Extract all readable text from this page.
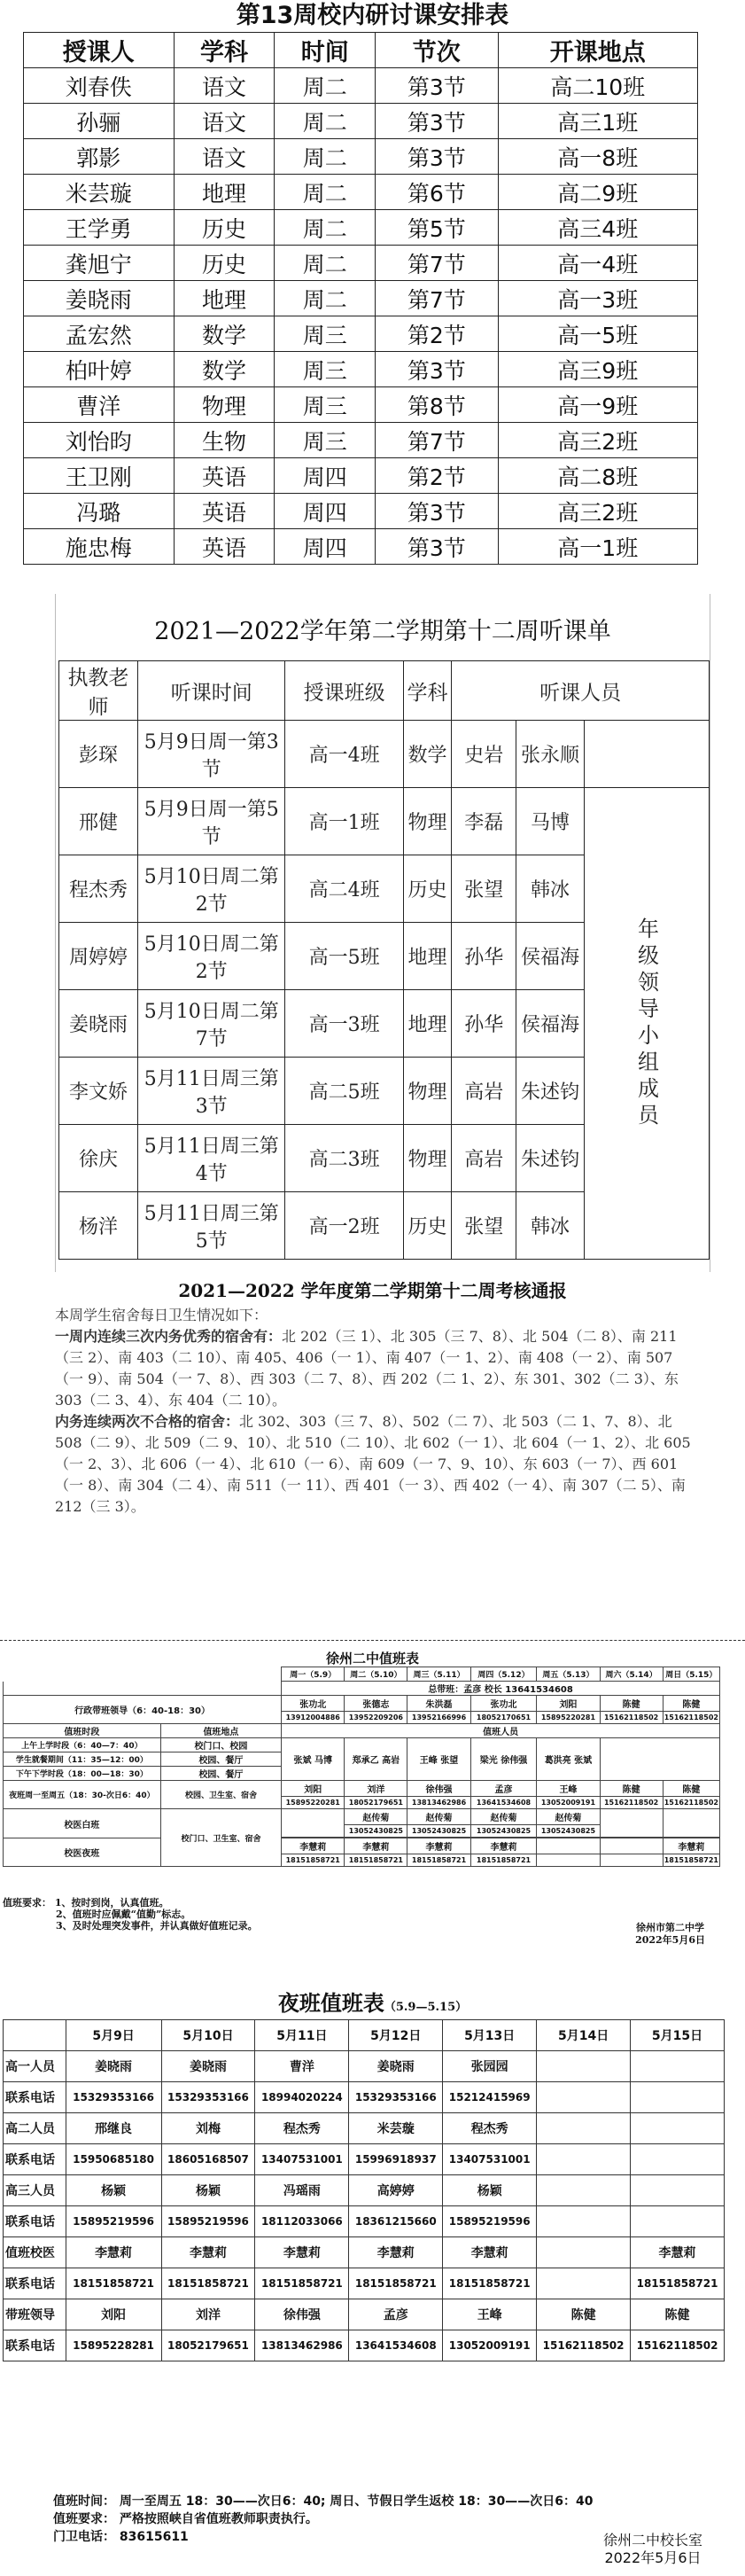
第13周校内研讨课安排表
授课人	学科	时间	节次	开课地点
刘春佚	语文	周二	第3节	高二10班
孙骊	语文	周二	第3节	高三1班
郭影	语文	周二	第3节	高一8班
米芸璇	地理	周二	第6节	高二9班
王学勇	历史	周二	第5节	高三4班
龚旭宁	历史	周二	第7节	高一4班
姜晓雨	地理	周二	第7节	高一3班
孟宏然	数学	周三	第2节	高一5班
柏叶婷	数学	周三	第3节	高三9班
曹洋	物理	周三	第8节	高一9班
刘怡昀	生物	周三	第7节	高三2班
王卫刚	英语	周四	第2节	高二8班
冯璐	英语	周四	第3节	高三2班
施忠梅	英语	周四	第3节	高一1班
2021—2022学年第二学期第十二周听课单
执教老师	听课时间	授课班级	学科	听课人员		
彭琛	5月9日周一第3节	高一4班	数学	史岩	张永顺	
邢健	5月9日周一第5节	高一1班	物理	李磊	马博	年级领导小组成员

程杰秀	5月10日周二第2节	高二4班	历史	张望	韩冰	
周婷婷	5月10日周二第2节	高一5班	地理	孙华	侯福海	
姜晓雨	5月10日周二第7节	高一3班	地理	孙华	侯福海	
李文娇	5月11日周三第3节	高二5班	物理	高岩	朱述钧	
徐庆	5月11日周三第4节	高二3班	物理	高岩	朱述钧	
杨洋	5月11日周三第5节	高一2班	历史	张望	韩冰	
2021—2022 学年度第二学期第十二周考核通报

本周学生宿舍每日卫生情况如下：

一周内连续三次内务优秀的宿舍有：北 202（三 1）、北 305（三 7、8）、北 504（二 8）、南 211（三 2）、南 403（二 10）、南 405、406（一 1）、南 407（一 1、2）、南 408（一 2）、南 507（一 9）、南 504（一 7、8）、西 303（二 7、8）、西 202（二 1、2）、东 301、302（二 3）、东 303（二 3、4）、东 404（二 10）。

内务连续两次不合格的宿舍：北 302、303（三 7、8）、502（二 7）、北 503（二 1、7、8）、北 508（二 9）、北 509（二 9、10）、北 510（二 10）、北 602（一 1）、北 604（一 1、2）、北 605（一 2、3）、北 606（一 4）、北 610（一 6）、南 609（一 7、9、10）、东 603（一 7）、西 601（一 8）、南 304（二 4）、南 511（一 11）、西 401（一 3）、西 402（一 4）、南 307（二 5）、南 212（三 3）。

徐州二中值班表
		周一（5.9）	周二（5.10）	周三（5.11）	周四（5.12）	周五（5.13）	周六（5.14）	周日（5.15）
		总带班：孟彦 校长 13641534608						
行政带班领导（6：40-18：30）		张功北	张德志	朱洪磊	张功北	刘阳	陈健	陈健
		13912004886	13952209206	13952166996	18052170651	15895220281	15162118502	15162118502
值班时段	值班地点	值班人员						
上午上学时段（6：40—7：40）	校门口、校园	张斌 马博	郑承乙 高岩	王峰 张望	梁光 徐伟强	葛洪亮 张斌		
学生就餐期间（11：35—12：00）	校园、餐厅							
下午下学时段（18：00—18：30）	校园、餐厅							
夜班周一至周五（18：30-次日6：40）	校园、卫生室、宿舍	刘阳	刘洋	徐伟强	孟彦	王峰	陈健	陈健
		15895220281	18052179651	13813462986	13641534608	13052009191	15162118502	15162118502
校医白班	校门口、卫生室、宿舍		赵传菊	赵传菊	赵传菊	赵传菊		
			13052430825	13052430825	13052430825	13052430825		

校医夜班		李慧莉	李慧莉	李慧莉	李慧莉			李慧莉
		18151858721	18151858721	18151858721	18151858721			18151858721
值班要求： 1、按时到岗，认真值班。
2、值班时应佩戴“值勤”标志。
3、及时处理突发事件，并认真做好值班记录。	徐州市第二中学
2022年5月6日
夜班值班表（5.9—5.15）
	5月9日	5月10日	5月11日	5月12日	5月13日	5月14日	5月15日
高一人员	姜晓雨	姜晓雨	曹洋	姜晓雨	张园园		
联系电话	15329353166	15329353166	18994020224	15329353166	15212415969		
高二人员	邢继良	刘梅	程杰秀	米芸璇	程杰秀		
联系电话	15950685180	18605168507	13407531001	15996918937	13407531001		
高三人员	杨颖	杨颖	冯瑶雨	高婷婷	杨颖		
联系电话	15895219596	15895219596	18112033066	18361215660	15895219596		
值班校医	李慧莉	李慧莉	李慧莉	李慧莉	李慧莉		李慧莉
联系电话	18151858721	18151858721	18151858721	18151858721	18151858721		18151858721
带班领导	刘阳	刘洋	徐伟强	孟彦	王峰	陈健	陈健
联系电话	15895228281	18052179651	13813462986	13641534608	13052009191	15162118502	15162118502
值班时间： 周一至周五 18：30——次日6：40; 周日、节假日学生返校 18：30——次日6：40
值班要求： 严格按照峡自省值班教师职责执行。
门卫电话： 83615611	徐州二中校长室
2022年5月6日
